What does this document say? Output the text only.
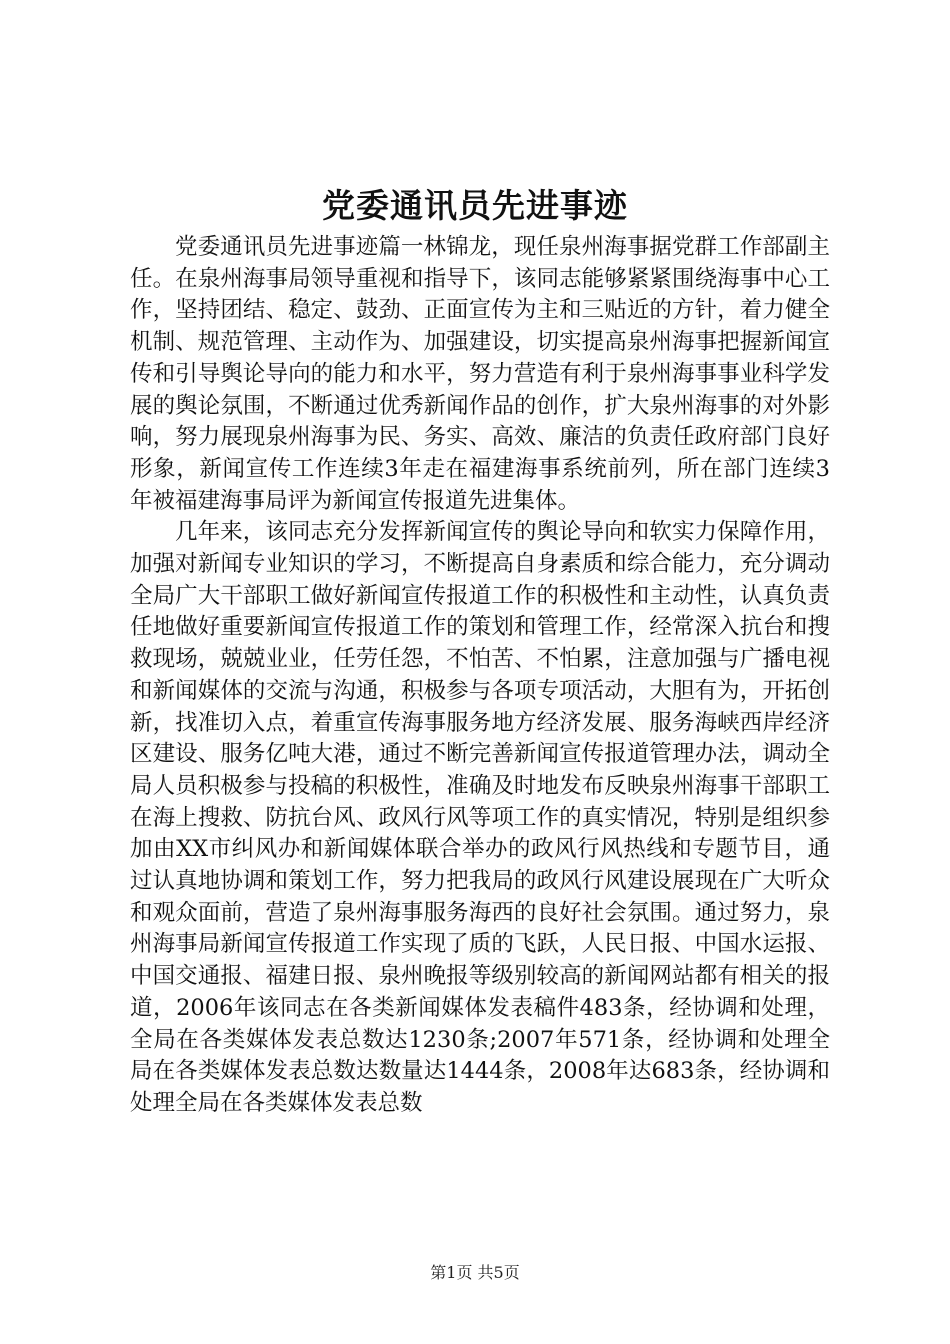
党委通讯员先进事迹

党委通讯员先进事迹篇一林锦龙，现任泉州海事据党群工作部副主任。在泉州海事局领导重视和指导下，该同志能够紧紧围绕海事中心工作，坚持团结、稳定、鼓劲、正面宣传为主和三贴近的方针，着力健全机制、规范管理、主动作为、加强建设，切实提高泉州海事把握新闻宣传和引导舆论导向的能力和水平，努力营造有利于泉州海事事业科学发展的舆论氛围，不断通过优秀新闻作品的创作，扩大泉州海事的对外影响，努力展现泉州海事为民、务实、高效、廉洁的负责任政府部门良好形象，新闻宣传工作连续3年走在福建海事系统前列，所在部门连续3年被福建海事局评为新闻宣传报道先进集体。

几年来，该同志充分发挥新闻宣传的舆论导向和软实力保障作用，加强对新闻专业知识的学习，不断提高自身素质和综合能力，充分调动全局广大干部职工做好新闻宣传报道工作的积极性和主动性，认真负责任地做好重要新闻宣传报道工作的策划和管理工作，经常深入抗台和搜救现场，兢兢业业，任劳任怨，不怕苦、不怕累，注意加强与广播电视和新闻媒体的交流与沟通，积极参与各项专项活动，大胆有为，开拓创新，找准切入点，着重宣传海事服务地方经济发展、服务海峡西岸经济区建设、服务亿吨大港，通过不断完善新闻宣传报道管理办法，调动全局人员积极参与投稿的积极性，准确及时地发布反映泉州海事干部职工在海上搜救、防抗台风、政风行风等项工作的真实情况，特别是组织参加由XX市纠风办和新闻媒体联合举办的政风行风热线和专题节目，通过认真地协调和策划工作，努力把我局的政风行风建设展现在广大听众和观众面前，营造了泉州海事服务海西的良好社会氛围。通过努力，泉州海事局新闻宣传报道工作实现了质的飞跃，人民日报、中国水运报、中国交通报、福建日报、泉州晚报等级别较高的新闻网站都有相关的报道，2006年该同志在各类新闻媒体发表稿件483条，经协调和处理，全局在各类媒体发表总数达1230条;2007年571条，经协调和处理全局在各类媒体发表总数达数量达1444条，2008年达683条，经协调和处理全局在各类媒体发表总数

第1页 共5页
